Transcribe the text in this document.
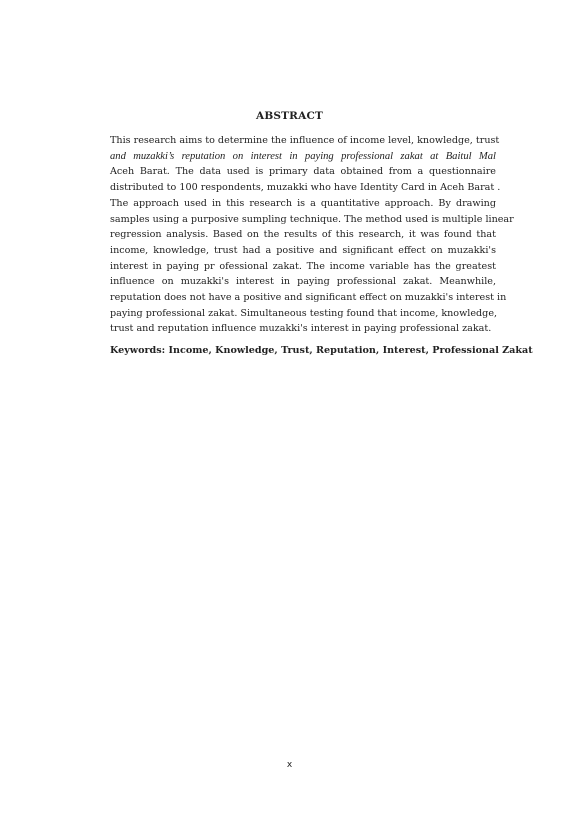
ABSTRACT
This research aims to determine the influence of income level, knowledge, trust
and muzakki’s reputation on interest in paying professional zakat at Baitul Mal
Aceh Barat. The data used is primary data obtained from a questionnaire
distributed to 100 respondents, muzakki who have Identity Card in Aceh Barat .
The approach used in this research is a quantitative approach. By drawing
samples using a purposive sumpling technique. The method used is multiple linear
regression analysis. Based on the results of this research, it was found that
income, knowledge, trust had a positive and significant effect on muzakki's
interest in paying pr ofessional zakat. The income variable has the greatest
influence on muzakki's interest in paying professional zakat. Meanwhile,
reputation does not have a positive and significant effect on muzakki's interest in
paying professional zakat. Simultaneous testing found that income, knowledge,
trust and reputation influence muzakki's interest in paying professional zakat.
Keywords: Income, Knowledge, Trust, Reputation, Interest, Professional Zakat
x
